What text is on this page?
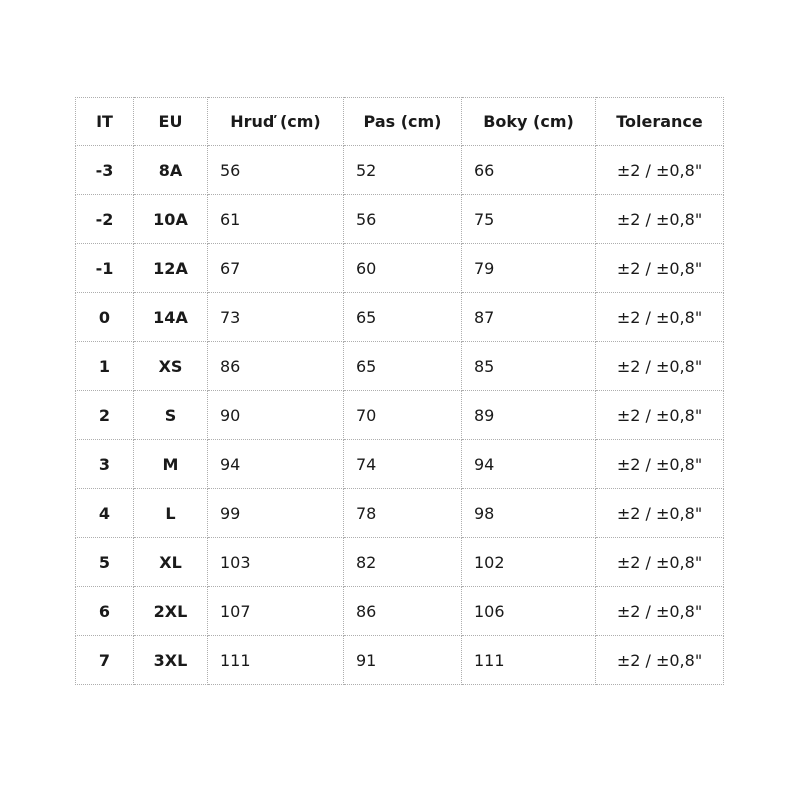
IT	EU	Hruď (cm)	Pas (cm)	Boky (cm)	Tolerance
-3	8A	56	52	66	±2 / ±0,8"
-2	10A	61	56	75	±2 / ±0,8"
-1	12A	67	60	79	±2 / ±0,8"
0	14A	73	65	87	±2 / ±0,8"
1	XS	86	65	85	±2 / ±0,8"
2	S	90	70	89	±2 / ±0,8"
3	M	94	74	94	±2 / ±0,8"
4	L	99	78	98	±2 / ±0,8"
5	XL	103	82	102	±2 / ±0,8"
6	2XL	107	86	106	±2 / ±0,8"
7	3XL	111	91	111	±2 / ±0,8"
